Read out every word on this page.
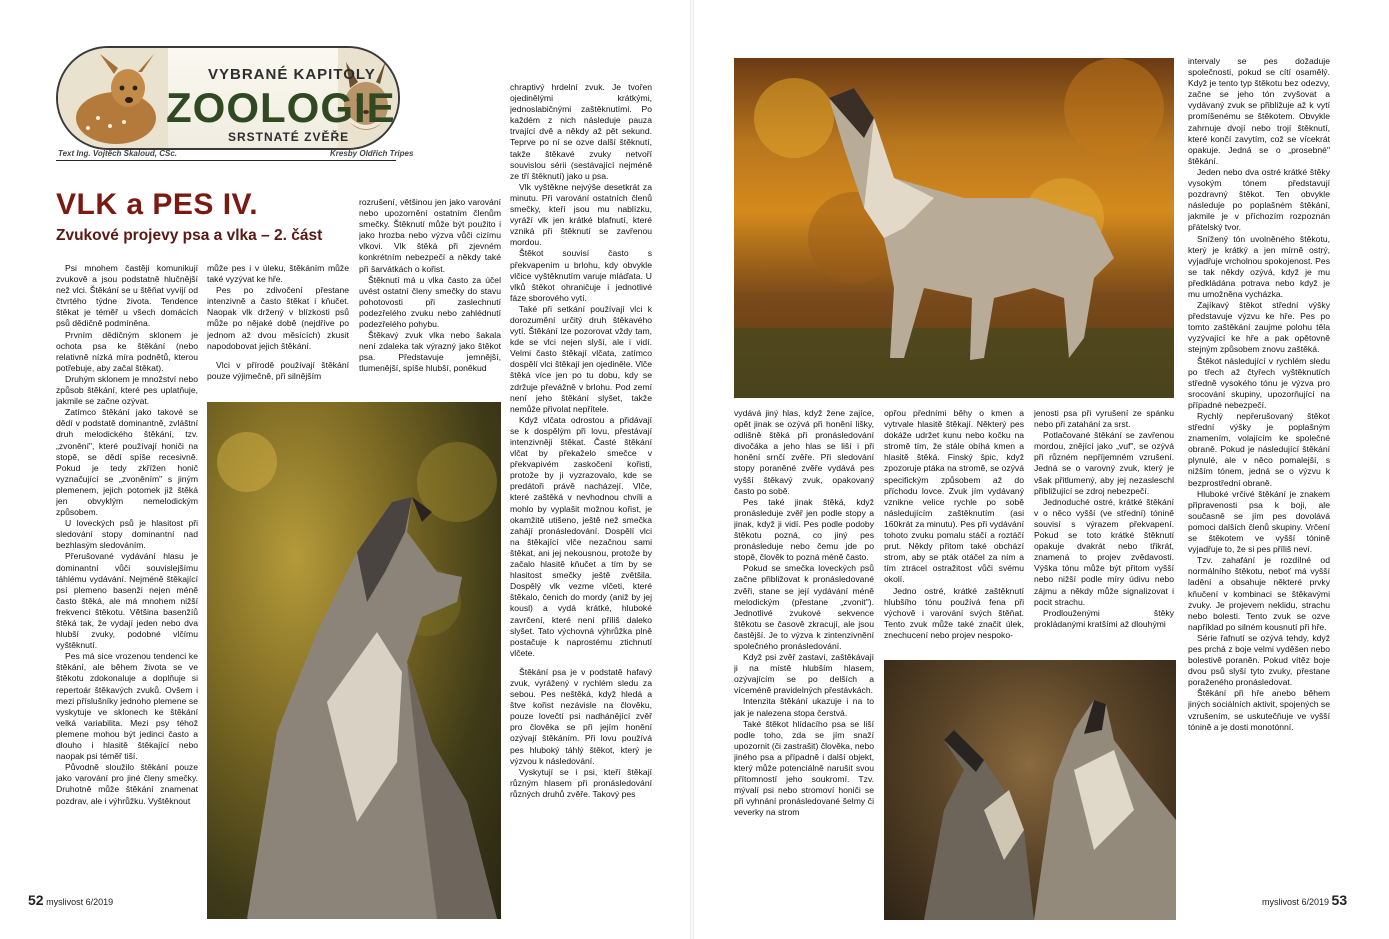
VYBRANÉ KAPITOLY
ZOOLOGIE
SRSTNATÉ ZVĚŘE
Text Ing. Vojtěch Škaloud, CSc.	Kresby Oldřich Tripes
VLK a PES IV.
Zvukové projevy psa a vlka – 2. část

Psi mnohem častěji komunikují zvukově a jsou podstatně hlučnější než vlci. Štěkání se u štěňat vyvíjí od čtvrtého týdne života. Tendence štěkat je téměř u všech domácích psů dědičně podmíněna.

Prvním dědičným sklonem je ochota psa ke štěkání (nebo relativně nízká míra podnětů, kterou potřebuje, aby začal štěkat).

Druhým sklonem je množství nebo způsob štěkání, které pes uplatňuje, jakmile se začne ozývat.

Zatímco štěkání jako takové se dědí v podstatě dominantně, zvláštní druh melodického štěkání, tzv. „zvonění", které používají honiči na stopě, se dědí spíše recesivně. Pokud je tedy zkřížen honič vyznačující se „zvoněním" s jiným plemenem, jejich potomek již štěká jen obvyklým nemelodickým způsobem.

U loveckých psů je hlasitost při sledování stopy dominantní nad bezhlasým sledováním.

Přerušované vydávání hlasu je dominantní vůči souvislejšímu táhlému vydávání. Nejméně štěkající psí plemeno basenži nejen méně často štěká, ale má mnohem nižší frekvenci štěkotu. Většina basenžíů štěká tak, že vydají jeden nebo dva hlubší zvuky, podobné vlčímu vyštěknutí.

Pes má sice vrozenou tendenci ke štěkání, ale během života se ve štěkotu zdokonaluje a doplňuje si repertoár štěkavých zvuků. Ovšem i mezi příslušníky jednoho plemene se vyskytuje ve sklonech ke štěkání velká variabilita. Mezi psy téhož plemene mohou být jedinci často a dlouho i hlasitě štěkající nebo naopak psi téměř tiší.

Původně sloužilo štěkání pouze jako varování pro jiné členy smečky. Druhotně může štěkání znamenat pozdrav, ale i výhrůžku. Vyštěknout

může pes i v úleku, štěkáním může také vyzývat ke hře.

Pes po zdivočení přestane intenzivně a často štěkat i kňučet. Naopak vlk držený v blízkosti psů může po nějaké době (nejdříve po jednom až dvou měsících) zkusit napodobovat jejich štěkání.

Vlci v přírodě používají štěkání pouze výjimečně, při silnějším

rozrušení, většinou jen jako varování nebo upozornění ostatním členům smečky. Štěknutí může být použito i jako hrozba nebo výzva vůči cizímu vlkovi. Vlk štěká při zjevném konkrétním nebezpečí a někdy také při šarvátkách o kořist.

Štěknutí má u vlka často za účel uvést ostatní členy smečky do stavu pohotovosti při zaslechnutí podezřelého zvuku nebo zahlédnutí podezřelého pohybu.

Štěkavý zvuk vlka nebo šakala není zdaleka tak výrazný jako štěkot psa. Představuje jemnější, tlumenější, spíše hlubší, poněkud

chraptivý hrdelní zvuk. Je tvořen ojedinělými krátkými, jednoslabičnými zaštěknutími. Po každém z nich následuje pauza trvající dvě a někdy až pět sekund. Teprve po ní se ozve další štěknutí, takže štěkavé zvuky netvoří souvislou sérii (sestávající nejméně ze tří štěknutí) jako u psa.

Vlk vyštěkne nejvýše desetkrát za minutu. Při varování ostatních členů smečky, kteří jsou mu nablízku, vyráží vlk jen krátké blafnutí, které vzniká při štěknutí se zavřenou mordou.

Štěkot souvisí často s překvapením u brlohu, kdy obvykle vlčice vyštěknutím varuje mláďata. U vlků štěkot ohraničuje i jednotlivé fáze sborového vytí.

Také při setkání používají vlci k dorozumění určitý druh štěkavého vytí. Štěkání lze pozorovat vždy tam, kde se vlci nejen slyší, ale i vidí. Velmi často štěkají vlčata, zatímco dospělí vlci štěkají jen ojediněle. Vlče štěká více jen po tu dobu, kdy se zdržuje převážně v brlohu. Pod zemí není jeho štěkání slyšet, takže nemůže přivolat nepřítele.

Když vlčata odrostou a přidávají se k dospělým při lovu, přestávají intenzivněji štěkat. Časté štěkání vlčat by překaželo smečce v překvapivém zaskočení kořisti, protože by ji vyzrazovalo, kde se predátoři právě nacházejí. Vlče, které zaštěká v nevhodnou chvíli a mohlo by vyplašit možnou kořist, je okamžitě utišeno, ještě než smečka zahájí pronásledování. Dospělí vlci na štěkající vlče nezačnou sami štěkat, ani jej nekousnou, protože by začalo hlasitě kňučet a tím by se hlasitost smečky ještě zvětšila. Dospělý vlk vezme vlčeti, které štěkalo, čenich do mordy (aniž by jej kousl) a vydá krátké, hluboké zavrčení, které není příliš daleko slyšet. Tato výchovná výhrůžka plně postačuje k naprostému ztichnutí vlčete.

Štěkání psa je v podstatě hafavý zvuk, vyrážený v rychlém sledu za sebou. Pes neštěká, když hledá a štve kořist nezávisle na člověku, pouze lovečtí psi nadhánějící zvěř pro člověka se při jejím honění ozývají štěkáním. Při lovu používá pes hluboký táhlý štěkot, který je výzvou k následování.

Vyskytují se i psi, kteří štěkají různým hlasem při pronásledování různých druhů zvěře. Takový pes

52 myslivost 6/2019

intervaly se pes dožaduje společnosti, pokud se cítí osamělý. Když je tento typ štěkotu bez odezvy, začne se jeho tón zvyšovat a vydávaný zvuk se přibližuje až k vytí promíšenému se štěkotem. Obvykle zahrnuje dvojí nebo trojí štěknutí, které končí zavytím, což se vícekrát opakuje. Jedná se o „prosebné" štěkání.

Jeden nebo dva ostré krátké štěky vysokým tónem představují pozdravný štěkot. Ten obvykle následuje po poplašném štěkání, jakmile je v příchozím rozpoznán přátelský tvor.

Snížený tón uvolněného štěkotu, který je krátký a jen mírně ostrý, vyjadřuje vrcholnou spokojenost. Pes se tak někdy ozývá, když je mu předkládána potrava nebo když je mu umožněna vycházka.

Zajíkavý štěkot střední výšky představuje výzvu ke hře. Pes po tomto zaštěkání zaujme polohu těla vyzývající ke hře a pak opětovně stejným způsobem znovu zaštěká.

Štěkot následující v rychlém sledu po třech až čtyřech vyštěknutích středně vysokého tónu je výzva pro srocování skupiny, upozorňující na případné nebezpečí.

Rychlý nepřerušovaný štěkot střední výšky je poplašným znamením, volajícím ke společné obraně. Pokud je následující štěkání plynulé, ale v něco pomalejší, s nižším tónem, jedná se o výzvu k bezprostřední obraně.

Hluboké vrčivé štěkání je znakem připravenosti psa k boji, ale současně se jím pes dovolává pomoci dalších členů skupiny. Vrčení se štěkotem ve vyšší tónině vyjadřuje to, že si pes příliš neví.

Tzv. zahafání je rozdílné od normálního štěkotu, neboť má vyšší ladění a obsahuje některé prvky kňučení v kombinaci se štěkavými zvuky. Je projevem neklidu, strachu nebo bolesti. Tento zvuk se ozve například po silném kousnutí při hře.

Série řafnutí se ozývá tehdy, když pes prchá z boje velmi vyděšen nebo bolestivě poraněn. Pokud vítěz boje dvou psů slyší tyto zvuky, přestane poraženého pronásledovat.

Štěkání při hře anebo během jiných sociálních aktivit, spojených se vzrušením, se uskutečňuje ve vyšší tónině a je dosti monotónní.

vydává jiný hlas, když žene zajíce, opět jinak se ozývá při honění lišky, odlišně štěká při pronásledování divočáka a jeho hlas se liší i při honění srnčí zvěře. Při sledování stopy poraněné zvěře vydává pes vyšší štěkavý zvuk, opakovaný často po sobě.

Pes také jinak štěká, když pronásleduje zvěř jen podle stopy a jinak, když ji vidí. Pes podle podoby štěkotu pozná, co jiný pes pronásleduje nebo čemu jde po stopě, člověk to pozná méně často.

Pokud se smečka loveckých psů začne přibližovat k pronásledované zvěři, stane se její vydávání méně melodickým (přestane „zvonit"). Jednotlivé zvukové sekvence štěkotu se časově zkracují, ale jsou častější. Je to výzva k zintenzivnění společného pronásledování.

Když psi zvěř zastaví, zaštěkávají ji na místě hlubším hlasem, ozývajícím se po delších a víceméně pravidelných přestávkách.

Intenzita štěkání ukazuje i na to jak je nalezena stopa čerstvá.

Také štěkot hlídacího psa se liší podle toho, zda se jím snaží upozornit (či zastrašit) člověka, nebo jiného psa a případně i další objekt, který může potenciálně narušit svou přítomností jeho soukromí. Tzv. mývalí psi nebo stromoví honiči se při vyhnání pronásledované šelmy či veverky na strom

opřou předními běhy o kmen a vytrvale hlasitě štěkají. Některý pes dokáže udržet kunu nebo kočku na stromě tím, že stále obíhá kmen a hlasitě štěká. Finský špic, když zpozoruje ptáka na stromě, se ozývá specifickým způsobem až do příchodu lovce. Zvuk jím vydávaný vznikne velice rychle po sobě následujícím zaštěknutím (asi 160krát za minutu). Pes při vydávání tohoto zvuku pomalu stáčí a roztáčí prut. Někdy přitom také obchází strom, aby se pták otáčel za ním a tím ztrácel ostražitost vůči svému okolí.

Jedno ostré, krátké zaštěknutí hlubšího tónu používá fena při výchově i varování svých štěňat. Tento zvuk může také značit úlek, znechucení nebo projev nespoko-

jenosti psa při vyrušení ze spánku nebo při zatahání za srst.

Potlačované štěkání se zavřenou mordou, znějící jako „vuf", se ozývá při různém nepříjemném vzrušení. Jedná se o varovný zvuk, který je však přitlumený, aby jej nezasleschl přibližující se zdroj nebezpečí.

Jednoduché ostré, krátké štěkání v o něco vyšší (ve střední) tónině souvisí s výrazem překvapení. Pokud se toto krátké štěknutí opakuje dvakrát nebo třikrát, znamená to projev zvědavosti. Výška tónu může být přitom vyšší nebo nižší podle míry údivu nebo zájmu a někdy může signalizovat i pocit strachu.

Prodlouženými štěky prokládanými kratšími až dlouhými

myslivost 6/2019 53
